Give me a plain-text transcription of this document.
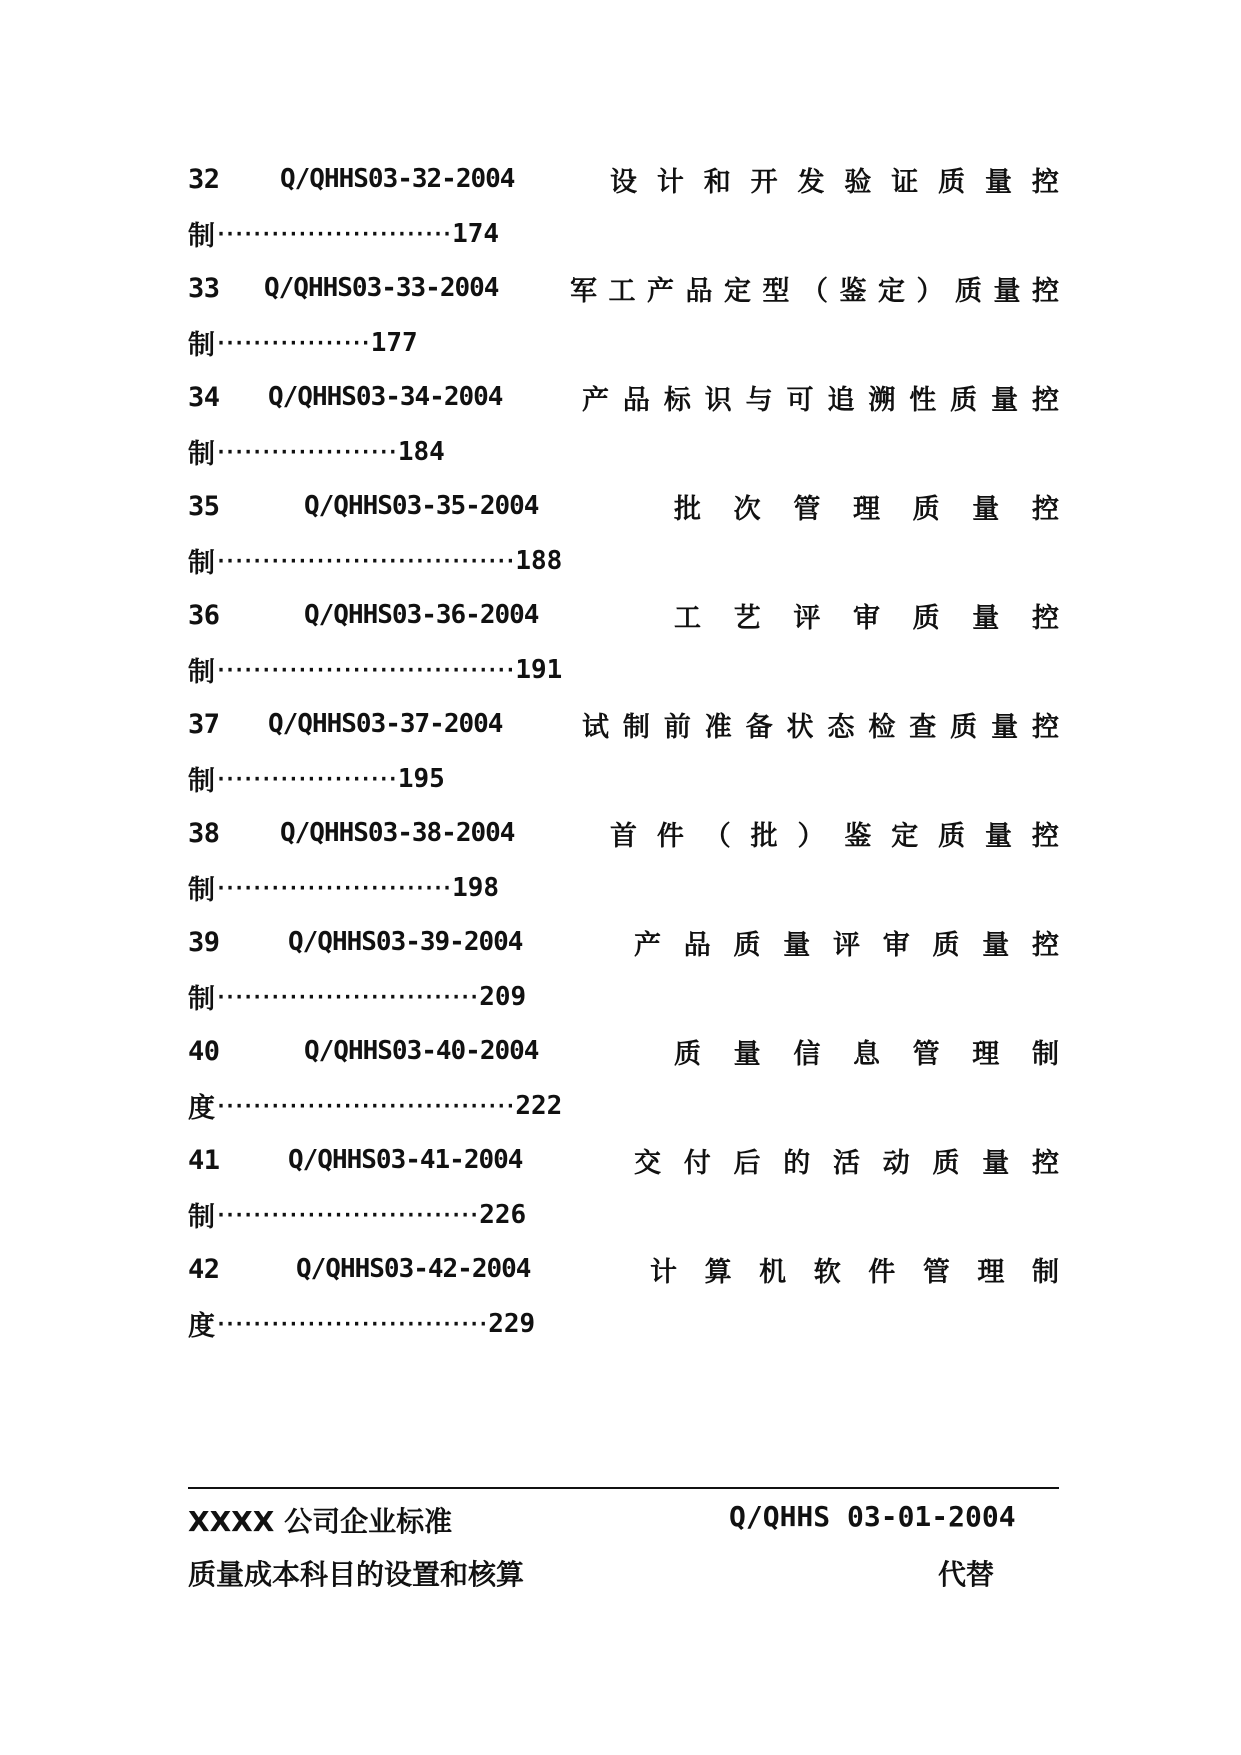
32	Q/QHHS03-32-2004	设 计 和 开 发 验 证 质 量 控
制 ·························· 174
33	Q/QHHS03-33-2004	军 工 产 品 定 型 （ 鉴 定 ） 质 量 控
制 ················· 177
34	Q/QHHS03-34-2004	产 品 标 识 与 可 追 溯 性 质 量 控
制 ···················· 184
35	Q/QHHS03-35-2004	批 次 管 理 质 量 控
制 ································· 188
36	Q/QHHS03-36-2004	工 艺 评 审 质 量 控
制 ································· 191
37	Q/QHHS03-37-2004	试 制 前 准 备 状 态 检 查 质 量 控
制 ···················· 195
38	Q/QHHS03-38-2004	首 件 （ 批 ） 鉴 定 质 量 控
制 ·························· 198
39	Q/QHHS03-39-2004	产 品 质 量 评 审 质 量 控
制 ····························· 209
40	Q/QHHS03-40-2004	质 量 信 息 管 理 制
度 ································· 222
41	Q/QHHS03-41-2004	交 付 后 的 活 动 质 量 控
制 ····························· 226
42	Q/QHHS03-42-2004	计 算 机 软 件 管 理 制
度 ······························ 229
XXXX 公司企业标准	Q/QHHS 03-01-2004
质量成本科目的设置和核算	代替
